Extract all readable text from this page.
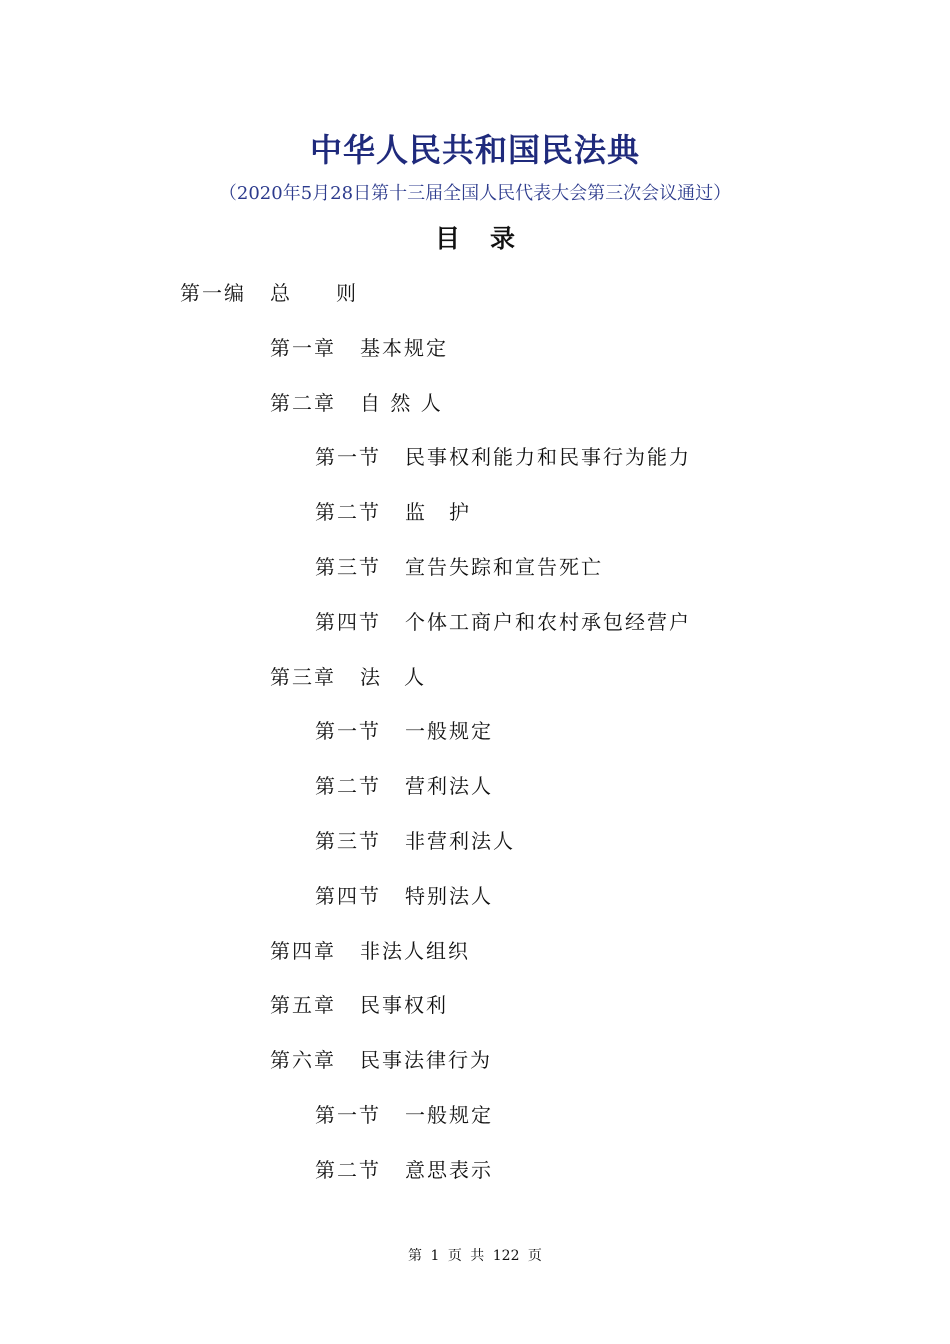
中华人民共和国民法典
（2020年5月28日第十三届全国人民代表大会第三次会议通过）
目 录
第一编 总　　则
第一章 基本规定
第二章 自 然 人
第一节 民事权利能力和民事行为能力
第二节 监　护
第三节 宣告失踪和宣告死亡
第四节 个体工商户和农村承包经营户
第三章 法　人
第一节 一般规定
第二节 营利法人
第三节 非营利法人
第四节 特别法人
第四章 非法人组织
第五章 民事权利
第六章 民事法律行为
第一节 一般规定
第二节 意思表示
第 1 页 共 122 页
